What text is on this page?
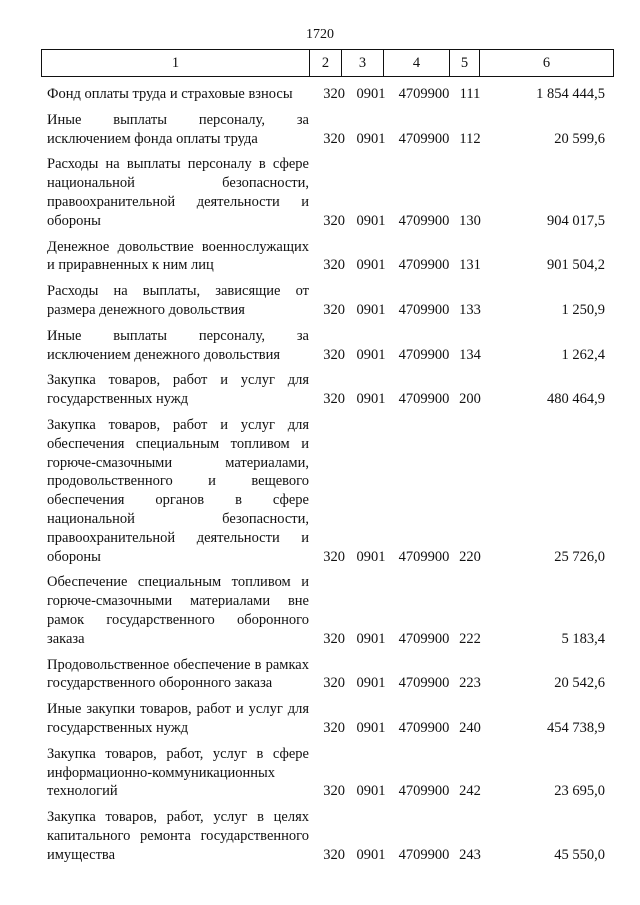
1720
1	2	3	4	5	6
Фонд оплаты труда и страховые взносы	320 0901 4709900 111	1 854 444,5
Иные выплаты персоналу, за исключением фонда оплаты труда	320 0901 4709900 112	20 599,6
Расходы на выплаты персоналу в сфере национальной безопасности, правоохранительной деятельности и обороны	320 0901 4709900 130	904 017,5
Денежное довольствие военнослужащих и приравненных к ним лиц	320 0901 4709900 131	901 504,2
Расходы на выплаты, зависящие от размера денежного довольствия	320 0901 4709900 133	1 250,9
Иные выплаты персоналу, за исключением денежного довольствия	320 0901 4709900 134	1 262,4
Закупка товаров, работ и услуг для государственных нужд	320 0901 4709900 200	480 464,9
Закупка товаров, работ и услуг для обеспечения специальным топливом и горюче-смазочными материалами, продовольственного и вещевого обеспечения органов в сфере национальной безопасности, правоохранительной деятельности и обороны	320 0901 4709900 220	25 726,0
Обеспечение специальным топливом и горюче-смазочными материалами вне рамок государственного оборонного заказа	320 0901 4709900 222	5 183,4
Продовольственное обеспечение в рамках государственного оборонного заказа	320 0901 4709900 223	20 542,6
Иные закупки товаров, работ и услуг для государственных нужд	320 0901 4709900 240	454 738,9
Закупка товаров, работ, услуг в сфере информационно-коммуникационных технологий	320 0901 4709900 242	23 695,0
Закупка товаров, работ, услуг в целях капитального ремонта государственного имущества	320 0901 4709900 243	45 550,0
